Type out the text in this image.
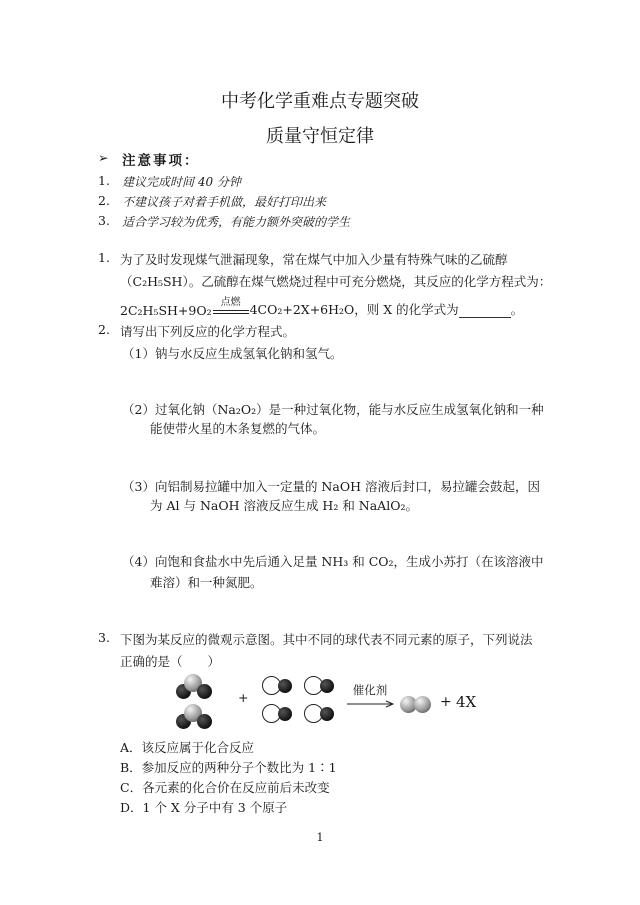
中考化学重难点专题突破
质量守恒定律
➢ 注意事项：
1. 建议完成时间 40 分钟
2. 不建议孩子对着手机做，最好打印出来
3. 适合学习较为优秀，有能力额外突破的学生
1. 为了及时发现煤气泄漏现象，常在煤气中加入少量有特殊气味的乙硫醇
（C₂H₅SH）。乙硫醇在煤气燃烧过程中可充分燃烧，其反应的化学方程式为：
2C₂H₅SH+9O₂
点燃 4CO₂+2X+6H₂O，则 X 的化学式为	。
2. 请写出下列反应的化学方程式。
（1）钠与水反应生成氢氧化钠和氢气。
（2）过氧化钠（Na₂O₂）是一种过氧化物，能与水反应生成氢氧化钠和一种
能使带火星的木条复燃的气体。
（3）向铝制易拉罐中加入一定量的 NaOH 溶液后封口，易拉罐会鼓起，因
为 Al 与 NaOH 溶液反应生成 H₂ 和 NaAlO₂。
（4）向饱和食盐水中先后通入足量 NH₃ 和 CO₂，生成小苏打（在该溶液中
难溶）和一种氮肥。
3. 下图为某反应的微观示意图。其中不同的球代表不同元素的原子，下列说法
正确的是（　　）
+	催化剂
+ 4X
A．该反应属于化合反应
B．参加反应的两种分子个数比为 1∶1
C．各元素的化合价在反应前后未改变
D．1 个 X 分子中有 3 个原子
1
